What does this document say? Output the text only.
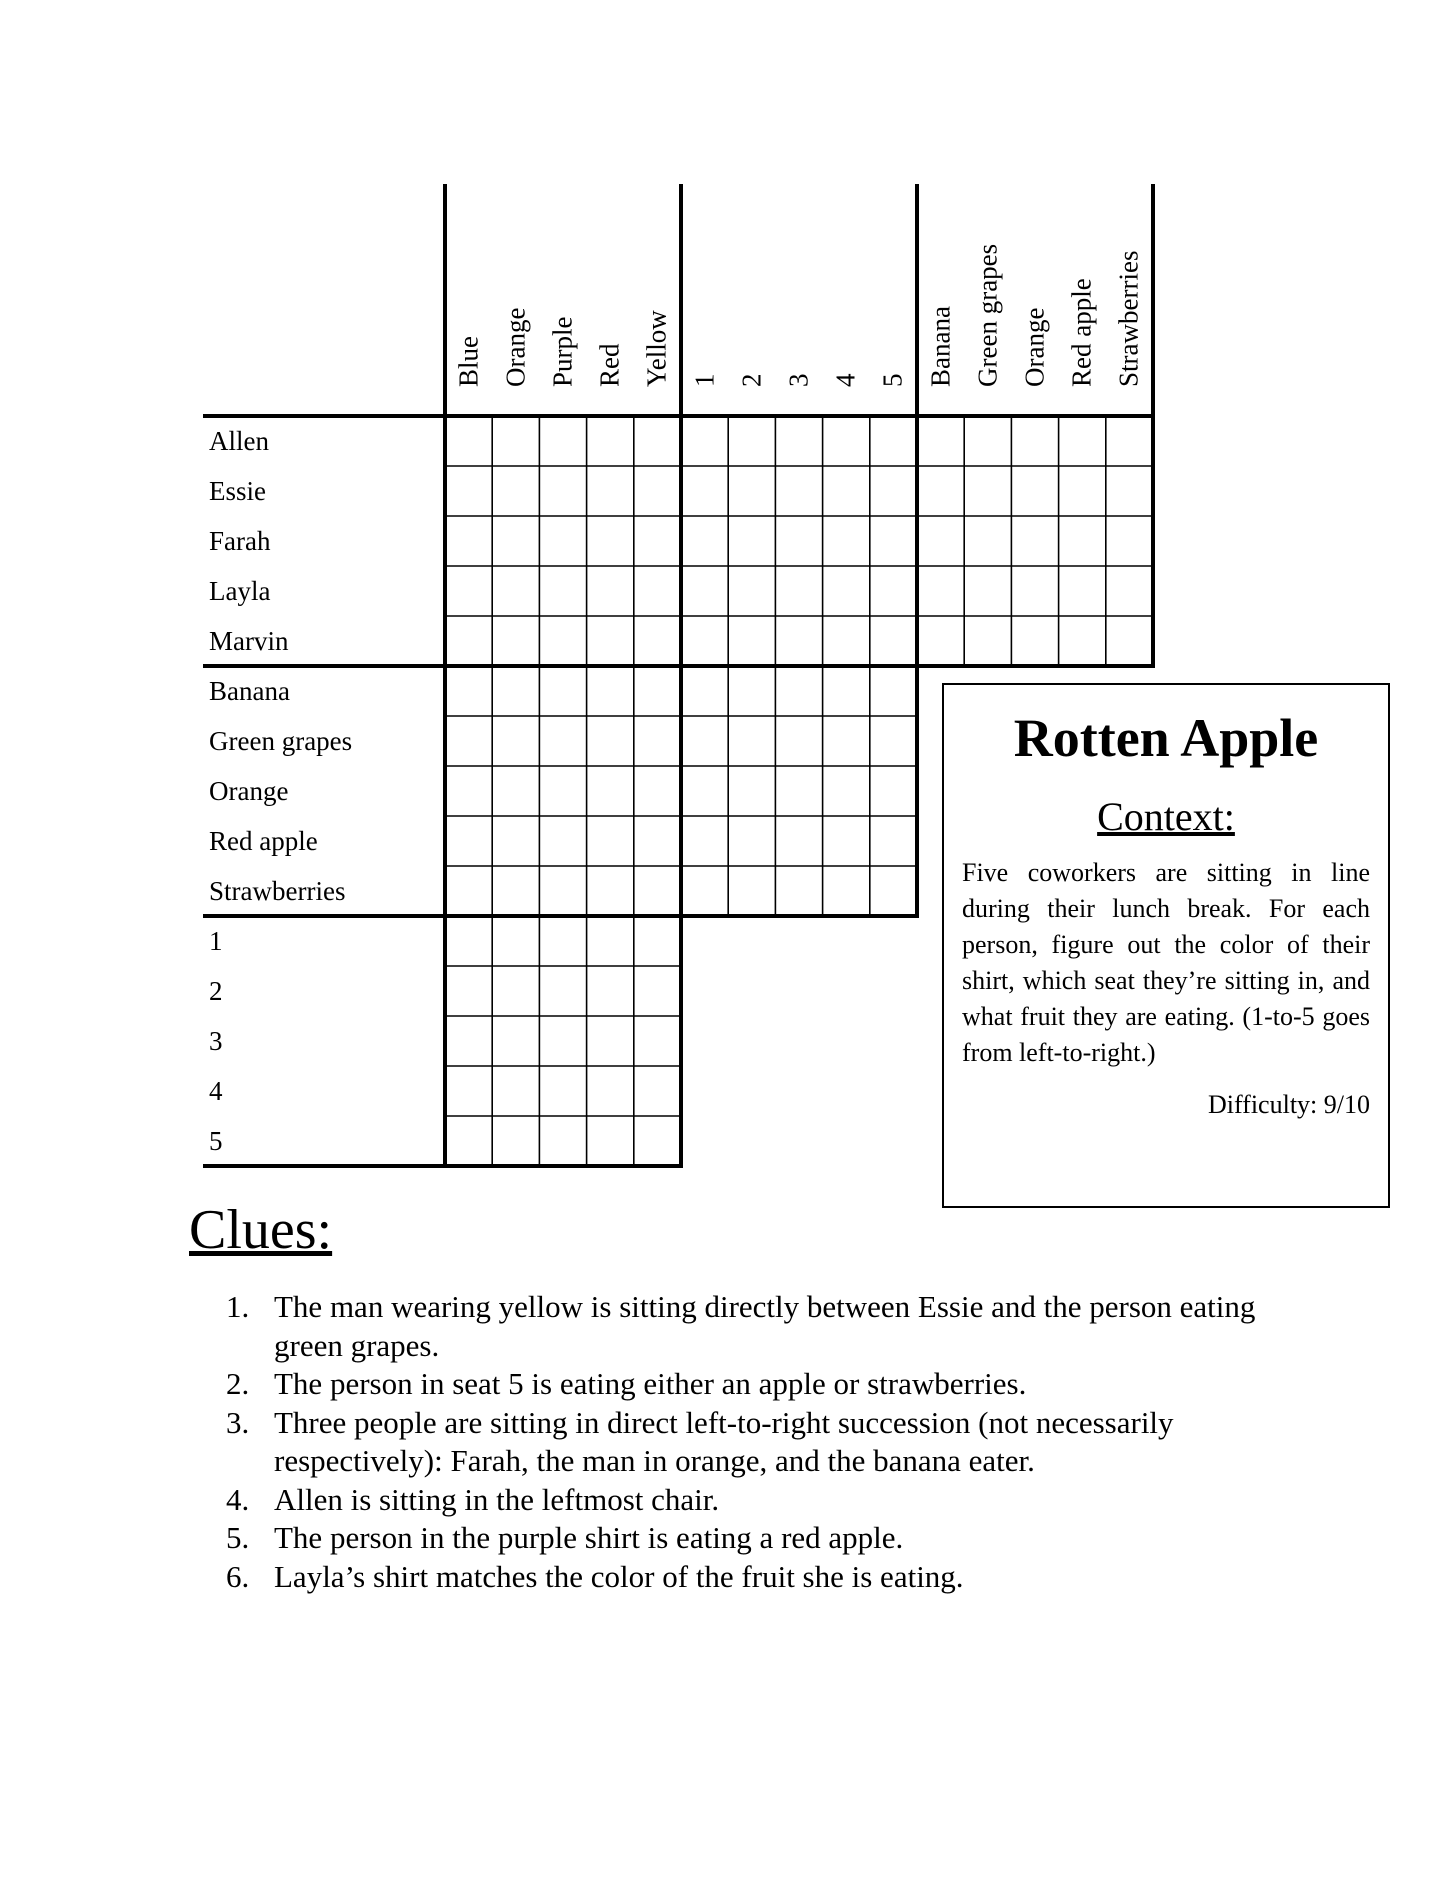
Blue Orange Purple Red Yellow 1 2 3 4 5 Banana Green grapes Orange Red apple Strawberries
Allen
Essie
Farah
Layla
Marvin
Banana
Green grapes
Orange
Red apple
Strawberries
1
2
3
4
5
Rotten Apple
Context:
Five coworkers are sitting in line during their lunch break. For each person, figure out the color of their shirt, which seat they’re sitting in, and what fruit they are eating. (1-to-5 goes from left-to-right.)
Difficulty: 9/10
Clues:
1. The man wearing yellow is sitting directly between Essie and the person eating green grapes.
2. The person in seat 5 is eating either an apple or strawberries.
3. Three people are sitting in direct left-to-right succession (not necessarily respectively): Farah, the man in orange, and the banana eater.
4. Allen is sitting in the leftmost chair.
5. The person in the purple shirt is eating a red apple.
6. Layla’s shirt matches the color of the fruit she is eating.
